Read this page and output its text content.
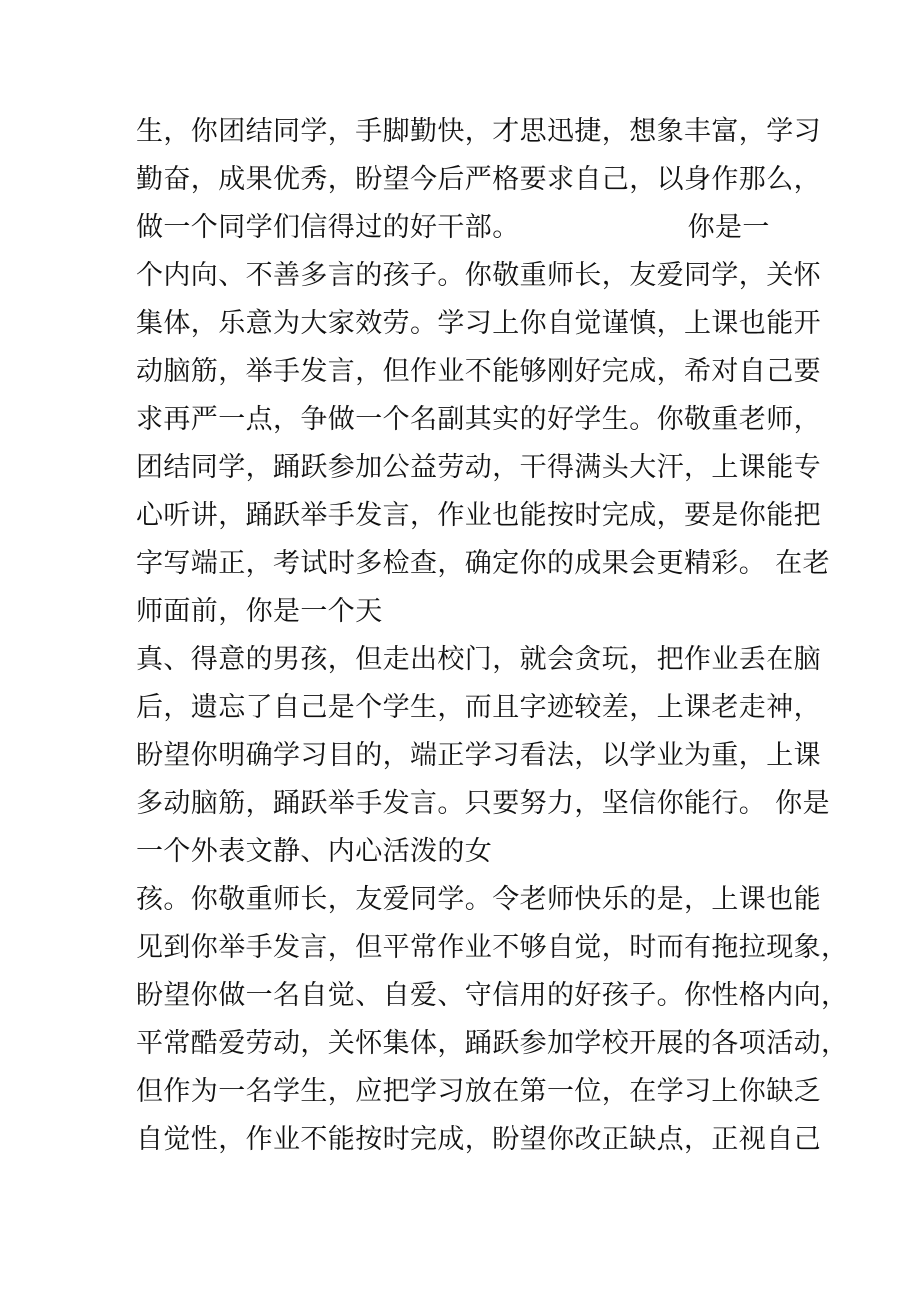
生，你团结同学，手脚勤快，才思迅捷，想象丰富，学习
勤奋，成果优秀，盼望今后严格要求自己，以身作那么，
做一个同学们信得过的好干部。	你是一
个内向、不善多言的孩子。你敬重师长，友爱同学，关怀
集体，乐意为大家效劳。学习上你自觉谨慎，上课也能开
动脑筋，举手发言，但作业不能够刚好完成，希对自己要
求再严一点，争做一个名副其实的好学生。你敬重老师，
团结同学，踊跃参加公益劳动，干得满头大汗，上课能专
心听讲，踊跃举手发言，作业也能按时完成，要是你能把
字写端正，考试时多检查，确定你的成果会更精彩。 在老
师面前，你是一个天
真、得意的男孩，但走出校门，就会贪玩，把作业丢在脑
后，遗忘了自己是个学生，而且字迹较差，上课老走神，
盼望你明确学习目的，端正学习看法，以学业为重，上课
多动脑筋，踊跃举手发言。只要努力，坚信你能行。 你是
一个外表文静、内心活泼的女
孩。你敬重师长，友爱同学。令老师快乐的是，上课也能
见到你举手发言，但平常作业不够自觉，时而有拖拉现象，
盼望你做一名自觉、自爱、守信用的好孩子。你性格内向，
平常酷爱劳动，关怀集体，踊跃参加学校开展的各项活动，
但作为一名学生，应把学习放在第一位，在学习上你缺乏
自觉性，作业不能按时完成，盼望你改正缺点，正视自己
